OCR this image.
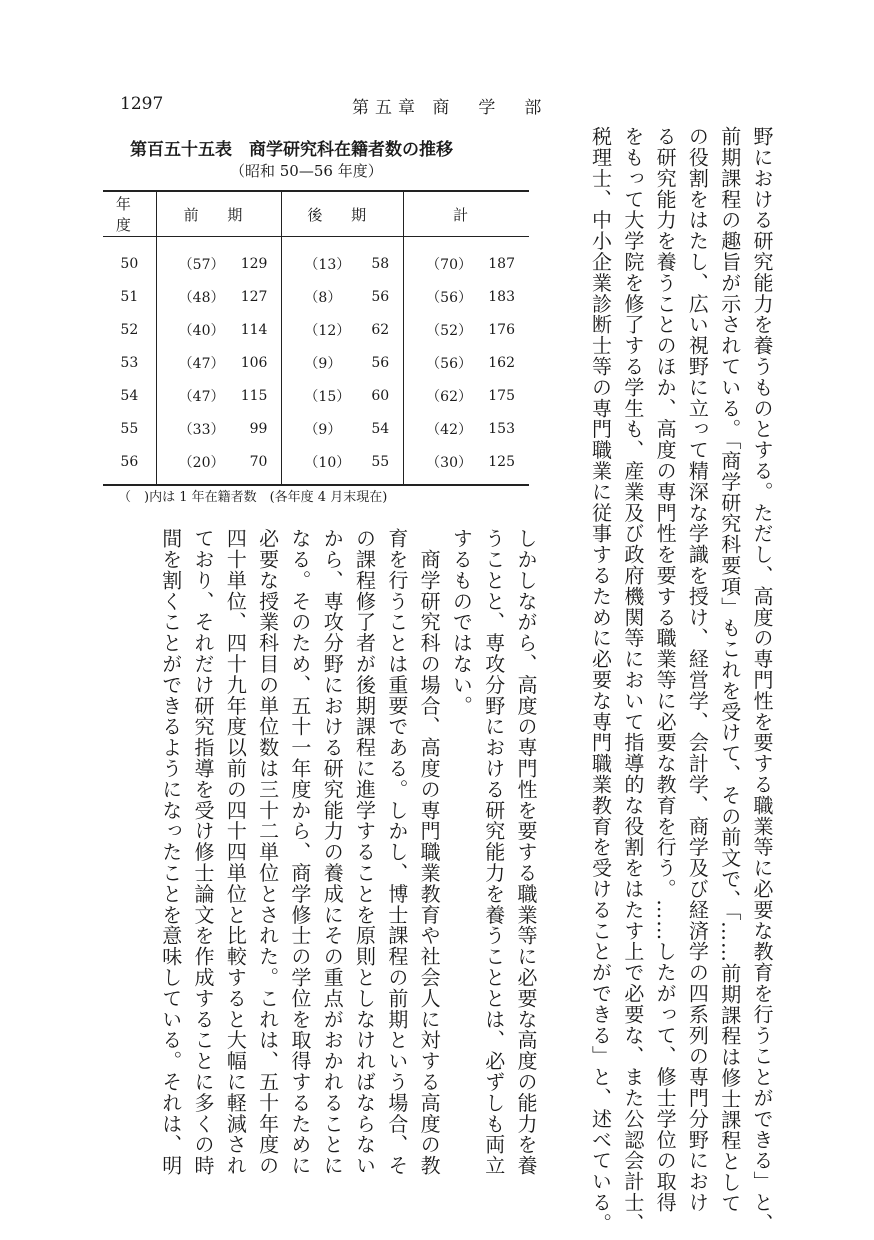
1297	第五章 商　学　部
第百五十五表　商学研究科在籍者数の推移
（昭和 50—56 年度）
年 度	前 期		後 期		計	
50	（57）	129	（13）	58	（70）	187
51	（48）	127	（8）	56	（56）	183
52	（40）	114	（12）	62	（52）	176
53	（47）	106	（9）	56	（56）	162
54	（47）	115	（15）	60	（62）	175
55	（33）	99	（9）	54	（42）	153
56	（20）	70	（10）	55	（30）	125
（　)内は 1 年在籍者数　(各年度 4 月末現在)	野における研究能力を養うものとする。ただし、高度の専門性を要する職業等に必要な教育を行うことができる」と、
前期課程の趣旨が示されている。「商学研究科要項」もこれを受けて、その前文で、「……前期課程は修士課程として
の役割をはたし、広い視野に立って精深な学識を授け、経営学、会計学、商学及び経済学の四系列の専門分野におけ
る研究能力を養うことのほか、高度の専門性を要する職業等に必要な教育を行う。……したがって、修士学位の取得
をもって大学院を修了する学生も、産業及び政府機関等において指導的な役割をはたす上で必要な、また公認会計士、
税理士、中小企業診断士等の専門職業に従事するために必要な専門職業教育を受けることができる」と、述べている。
しかしながら、高度の専門性を要する職業等に必要な高度の能力を養
うことと、専攻分野における研究能力を養うこととは、必ずしも両立
するものではない。
　商学研究科の場合、高度の専門職業教育や社会人に対する高度の教
育を行うことは重要である。しかし、博士課程の前期という場合、そ
の課程修了者が後期課程に進学することを原則としなければならない
から、専攻分野における研究能力の養成にその重点がおかれることに
なる。そのため、五十一年度から、商学修士の学位を取得するために
必要な授業科目の単位数は三十二単位とされた。これは、五十年度の
四十単位、四十九年度以前の四十四単位と比較すると大幅に軽減され
ており、それだけ研究指導を受け修士論文を作成することに多くの時
間を割くことができるようになったことを意味している。それは、明
